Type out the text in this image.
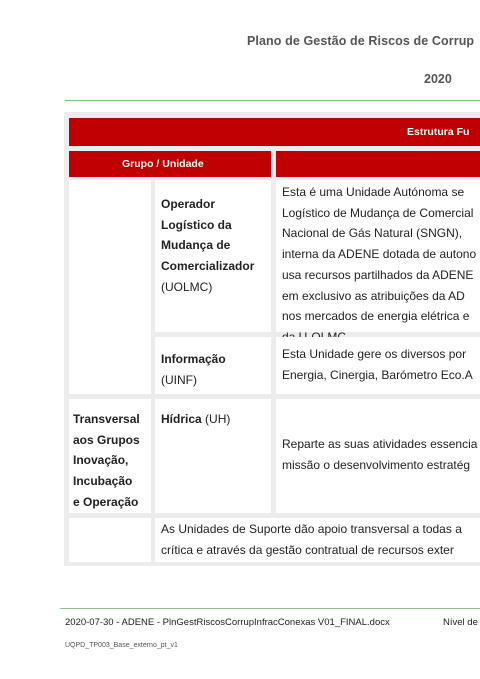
Plano de Gestão de Riscos de Corrup
2020
Estrutura Fu
Grupo / Unidade
Operador
Logístico da
Mudança de
Comercializador
(UOLMC)
Esta é uma Unidade Autónoma se
Logístico de Mudança de Comercial
Nacional de Gás Natural (SNGN),
interna da ADENE dotada de autono
usa recursos partilhados da ADENE
em exclusivo as atribuições da AD
nos mercados de energia elétrica e
Informação
(UINF)
Esta Unidade gere os diversos por
Energia, Cinergia, Barómetro Eco.A
Transversal
aos Grupos
Inovação,
Incubação
e Operação
Hídrica (UH)
Reparte as suas atividades essencia
missão o desenvolvimento estratég
As Unidades de Suporte dão apoio transversal a todas a
crítica e através da gestão contratual de recursos exter
2020-07-30 - ADENE - PlnGestRiscosCorrupInfracConexas V01_FINAL.docx	Nível de
UQPD_TP003_Base_externo_pt_v1
